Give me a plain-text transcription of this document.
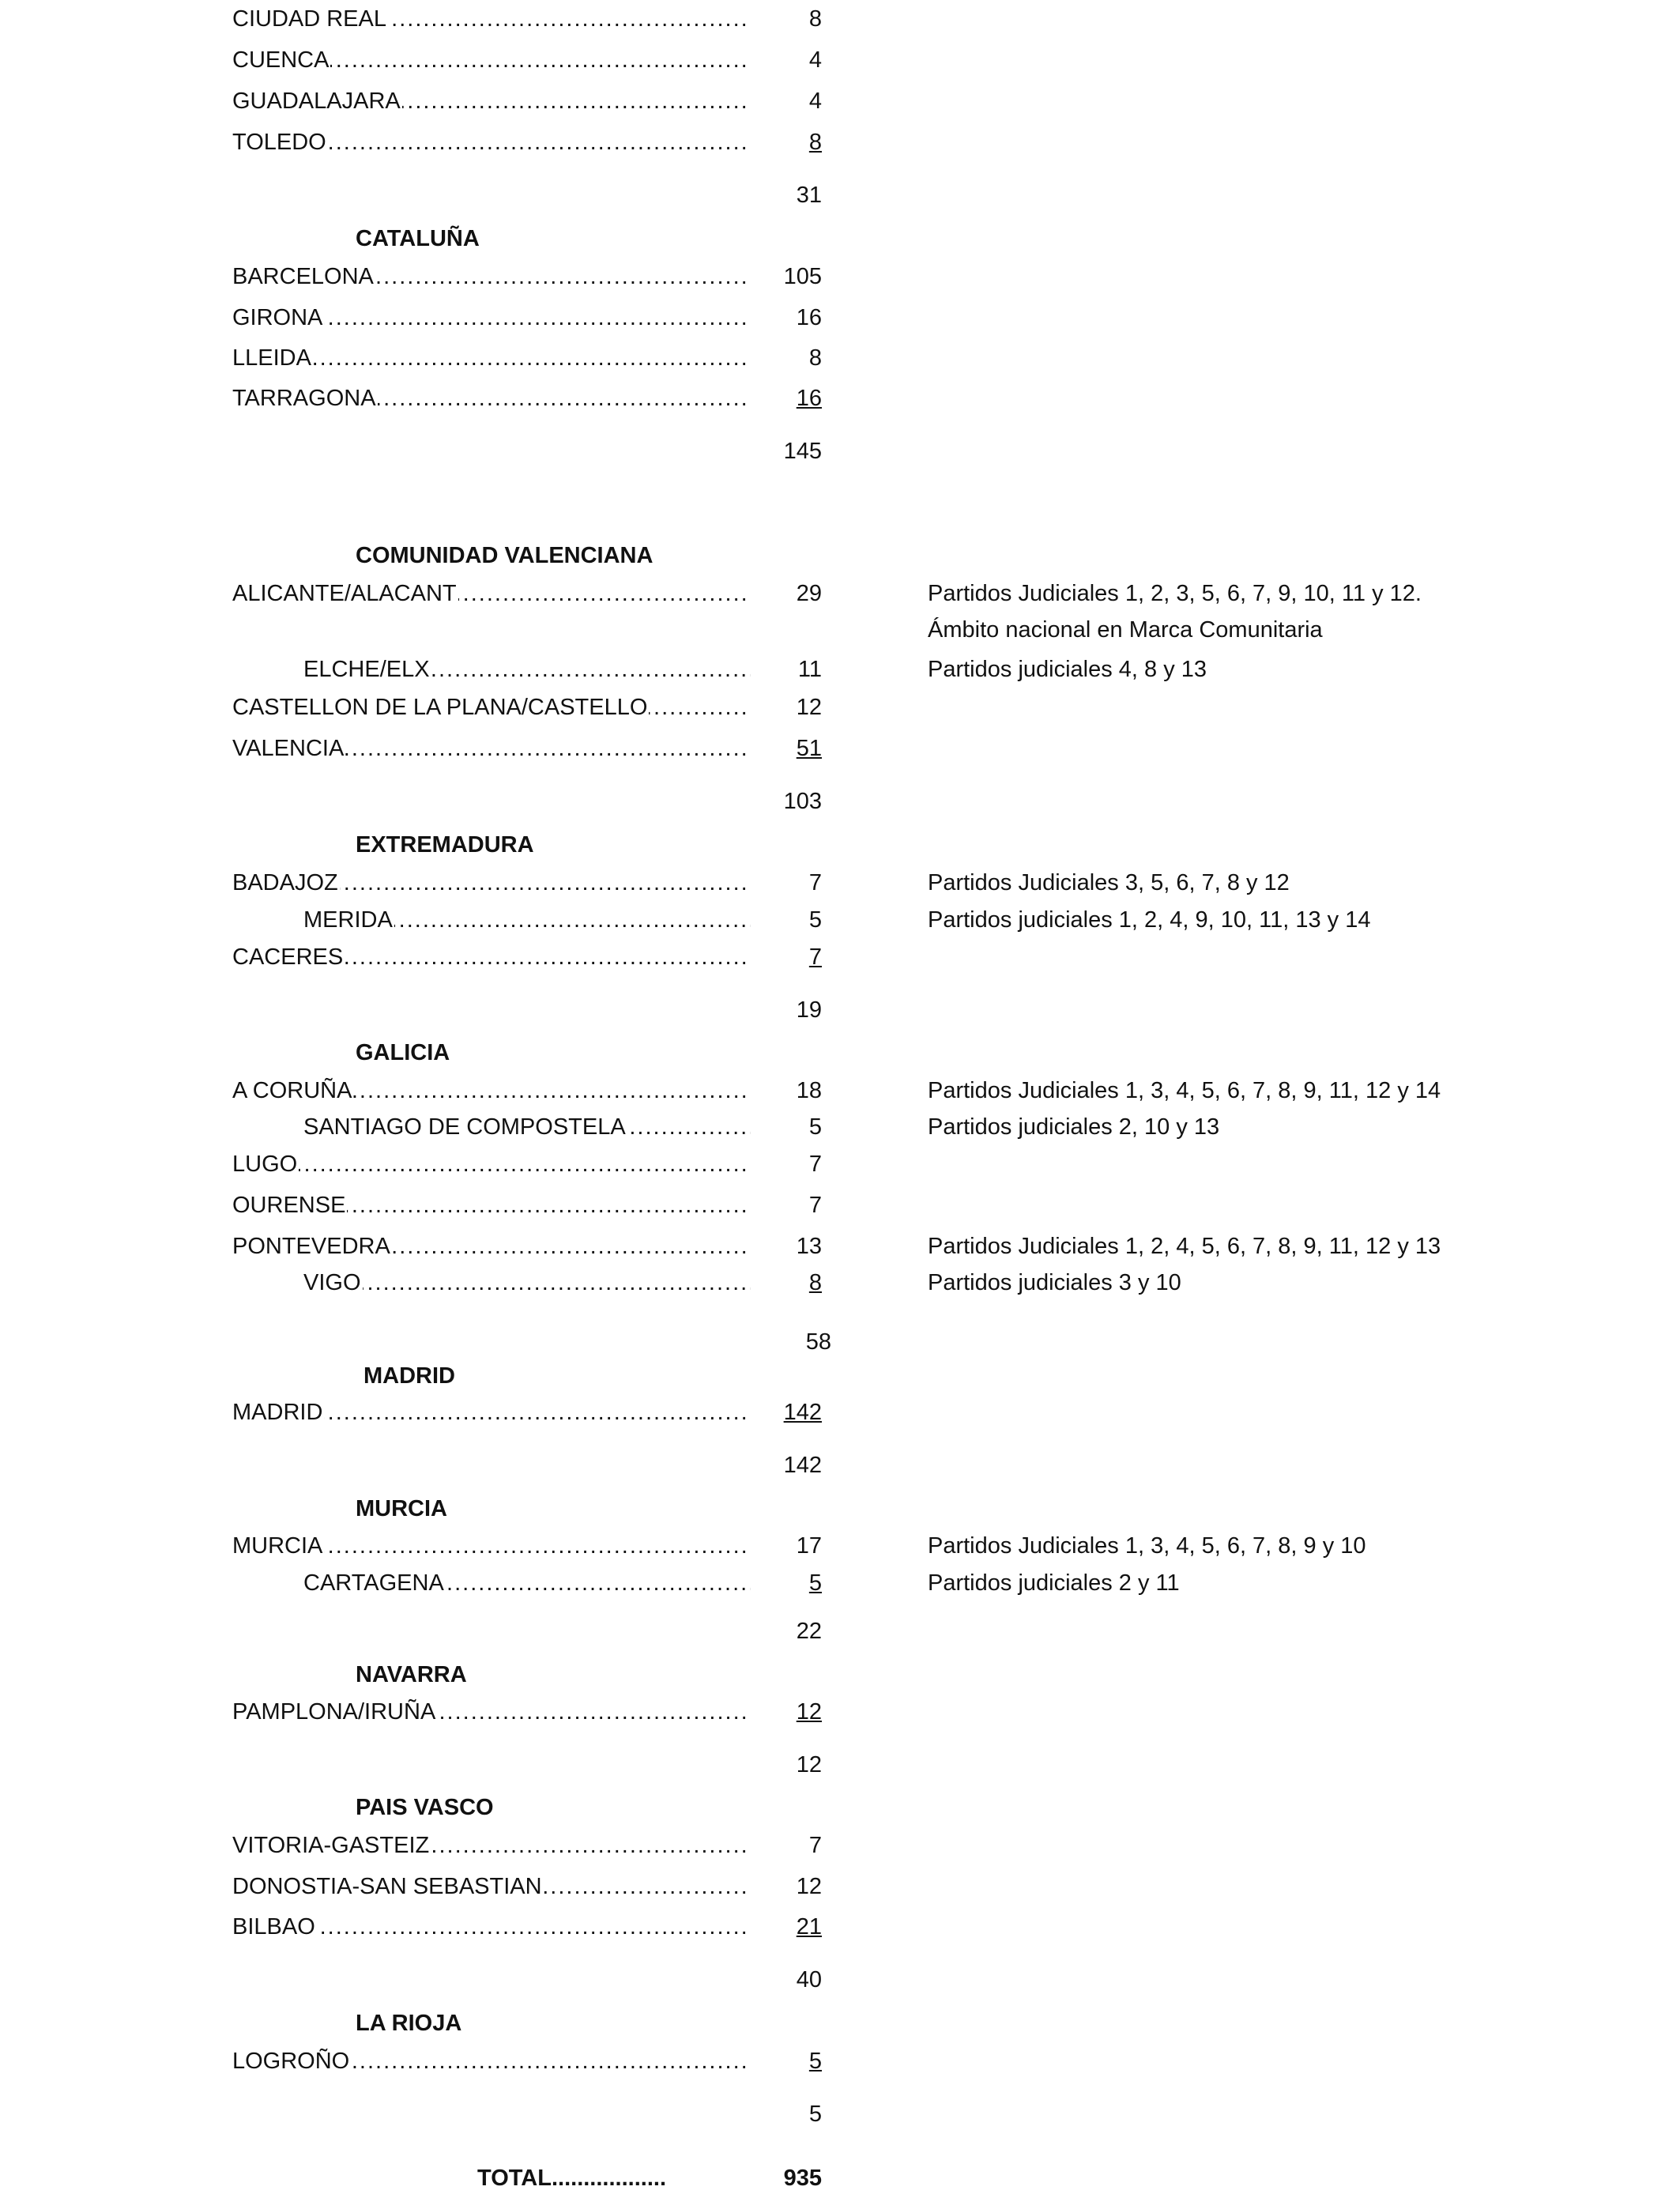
.....
CIUDAD REAL	8
.....
CUENCA	4
.....
GUADALAJARA	4
.....
TOLEDO	8
31
CATALUÑA
.....
BARCELONA	105
.....
GIRONA	16
.....
LLEIDA	8
.....
TARRAGONA	16
145
COMUNIDAD VALENCIANA
.....
ALICANTE/ALACANT	29	Partidos Judiciales 1, 2, 3, 5, 6, 7, 9, 10, 11 y 12.
Ámbito nacional en Marca Comunitaria
.....
ELCHE/ELX	11	Partidos judiciales 4, 8 y 13
.....
CASTELLON DE LA PLANA/CASTELLO	12
.....
VALENCIA	51
103
EXTREMADURA
.....
BADAJOZ	7	Partidos Judiciales 3, 5, 6, 7, 8 y 12
.....
MERIDA	5	Partidos judiciales 1, 2, 4, 9, 10, 11, 13 y 14
.....
CACERES	7
19
GALICIA
.....
A CORUÑA	18	Partidos Judiciales 1, 3, 4, 5, 6, 7, 8, 9, 11, 12 y 14
.....
SANTIAGO DE COMPOSTELA	5	Partidos judiciales 2, 10 y 13
.....
LUGO	7
.....
OURENSE	7
.....
PONTEVEDRA	13	Partidos Judiciales 1, 2, 4, 5, 6, 7, 8, 9, 11, 12 y 13
.....
VIGO	8	Partidos judiciales 3 y 10
58
MADRID
.....
MADRID	142
142
MURCIA
.....
MURCIA	17	Partidos Judiciales 1, 3, 4, 5, 6, 7, 8, 9 y 10
.....
CARTAGENA	5	Partidos judiciales 2 y 11
22
NAVARRA
.....
PAMPLONA/IRUÑA	12
12
PAIS VASCO
.....
VITORIA-GASTEIZ	7
.....
DONOSTIA-SAN SEBASTIAN	12
.....
BILBAO	21
40
LA RIOJA
.....
LOGROÑO	5
5
TOTAL..................	935
